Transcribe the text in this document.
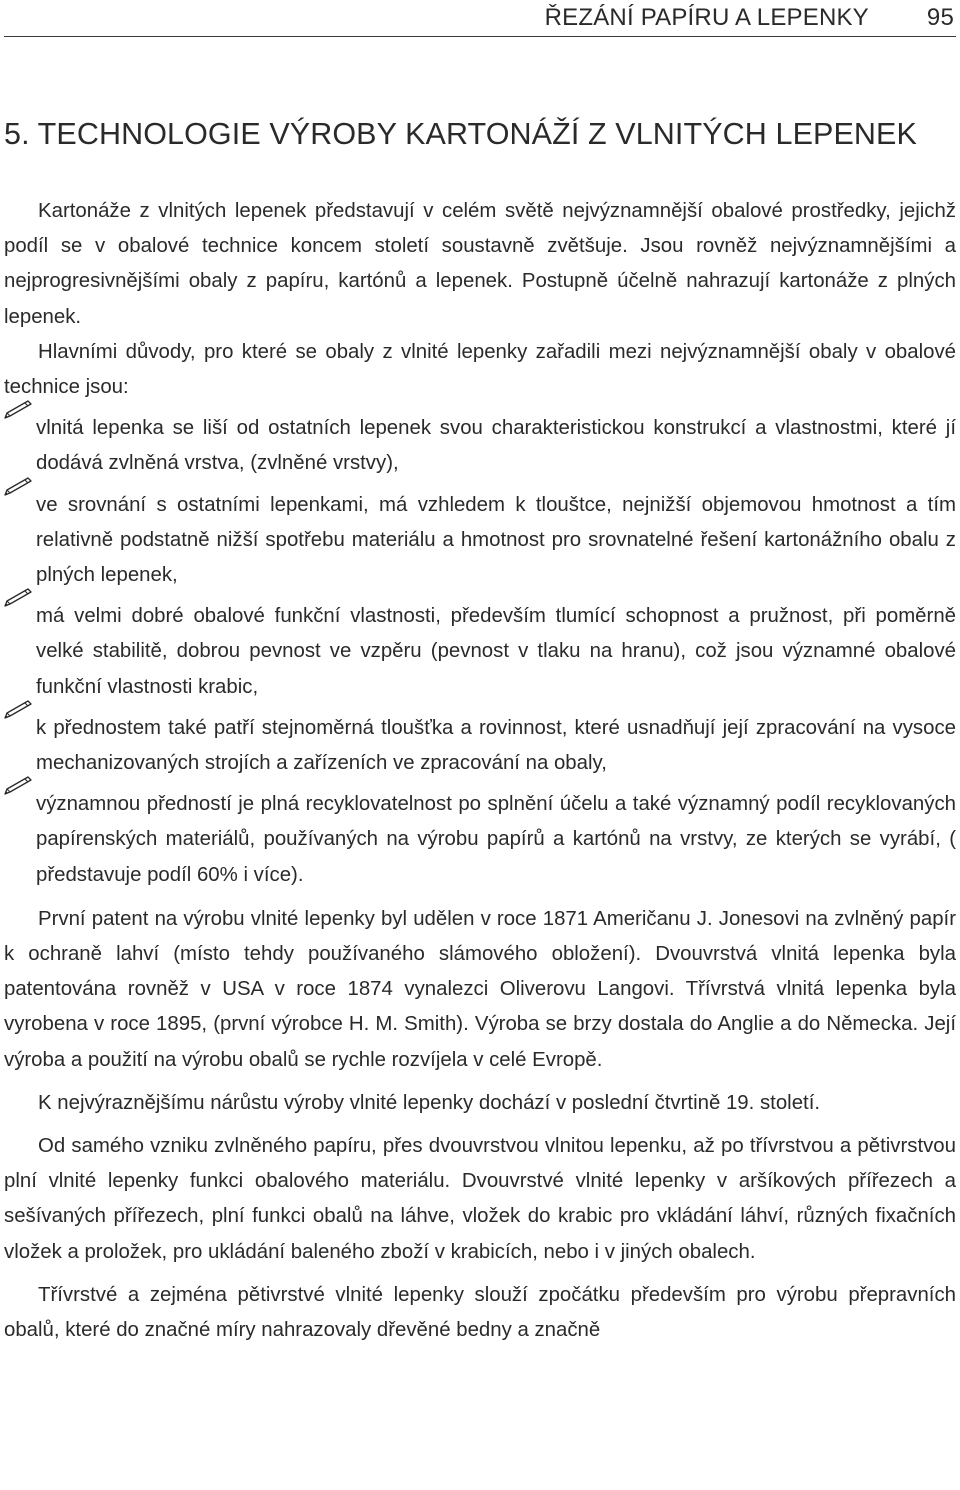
ŘEZÁNÍ PAPÍRU A LEPENKY 95
5. TECHNOLOGIE VÝROBY KARTONÁŽÍ Z VLNITÝCH LEPENEK

Kartonáže z vlnitých lepenek představují v celém světě nejvýznamnější obalové prostředky, jejichž podíl se v obalové technice koncem století soustavně zvětšuje. Jsou rovněž nejvýznamnějšími a nejprogresivnějšími obaly z papíru, kartónů a lepenek. Postupně účelně nahrazují kartonáže z plných lepenek.

Hlavními důvody, pro které se obaly z vlnité lepenky zařadili mezi nejvýznamnější obaly v obalové technice jsou:

vlnitá lepenka se liší od ostatních lepenek svou charakteristickou konstrukcí a vlastnostmi, které jí dodává zvlněná vrstva, (zvlněné vrstvy),
ve srovnání s ostatními lepenkami, má vzhledem k tlouštce, nejnižší objemovou hmotnost a tím relativně podstatně nižší spotřebu materiálu a hmotnost pro srovnatelné řešení kartonážního obalu z plných lepenek,
má velmi dobré obalové funkční vlastnosti, především tlumící schopnost a pružnost, při poměrně velké stabilitě, dobrou pevnost ve vzpěru (pevnost v tlaku na hranu), což jsou významné obalové funkční vlastnosti krabic,
k přednostem také patří stejnoměrná tloušťka a rovinnost, které usnadňují její zpracování na vysoce mechanizovaných strojích a zařízeních ve zpracování na obaly,
významnou předností je plná recyklovatelnost po splnění účelu a také významný podíl recyklovaných papírenských materiálů, používaných na výrobu papírů a kartónů na vrstvy, ze kterých se vyrábí, ( představuje podíl 60% i více).

První patent na výrobu vlnité lepenky byl udělen v roce 1871 Američanu J. Jonesovi na zvlněný papír k ochraně lahví (místo tehdy používaného slámového obložení). Dvouvrstvá vlnitá lepenka byla patentována rovněž v USA v roce 1874 vynalezci Oliverovu Langovi. Třívrstvá vlnitá lepenka byla vyrobena v roce 1895, (první výrobce H. M. Smith). Výroba se brzy dostala do Anglie a do Německa. Její výroba a použití na výrobu obalů se rychle rozvíjela v celé Evropě.

K nejvýraznějšímu nárůstu výroby vlnité lepenky dochází v poslední čtvrtině 19. století.

Od samého vzniku zvlněného papíru, přes dvouvrstvou vlnitou lepenku, až po třívrstvou a pětivrstvou plní vlnité lepenky funkci obalového materiálu. Dvouvrstvé vlnité lepenky v aršíkových přířezech a sešívaných přířezech, plní funkci obalů na láhve, vložek do krabic pro vkládání láhví, různých fixačních vložek a proložek, pro ukládání baleného zboží v krabicích, nebo i v jiných obalech.

Třívrstvé a zejména pětivrstvé vlnité lepenky slouží zpočátku především pro výrobu přepravních obalů, které do značné míry nahrazovaly dřevěné bedny a značně
